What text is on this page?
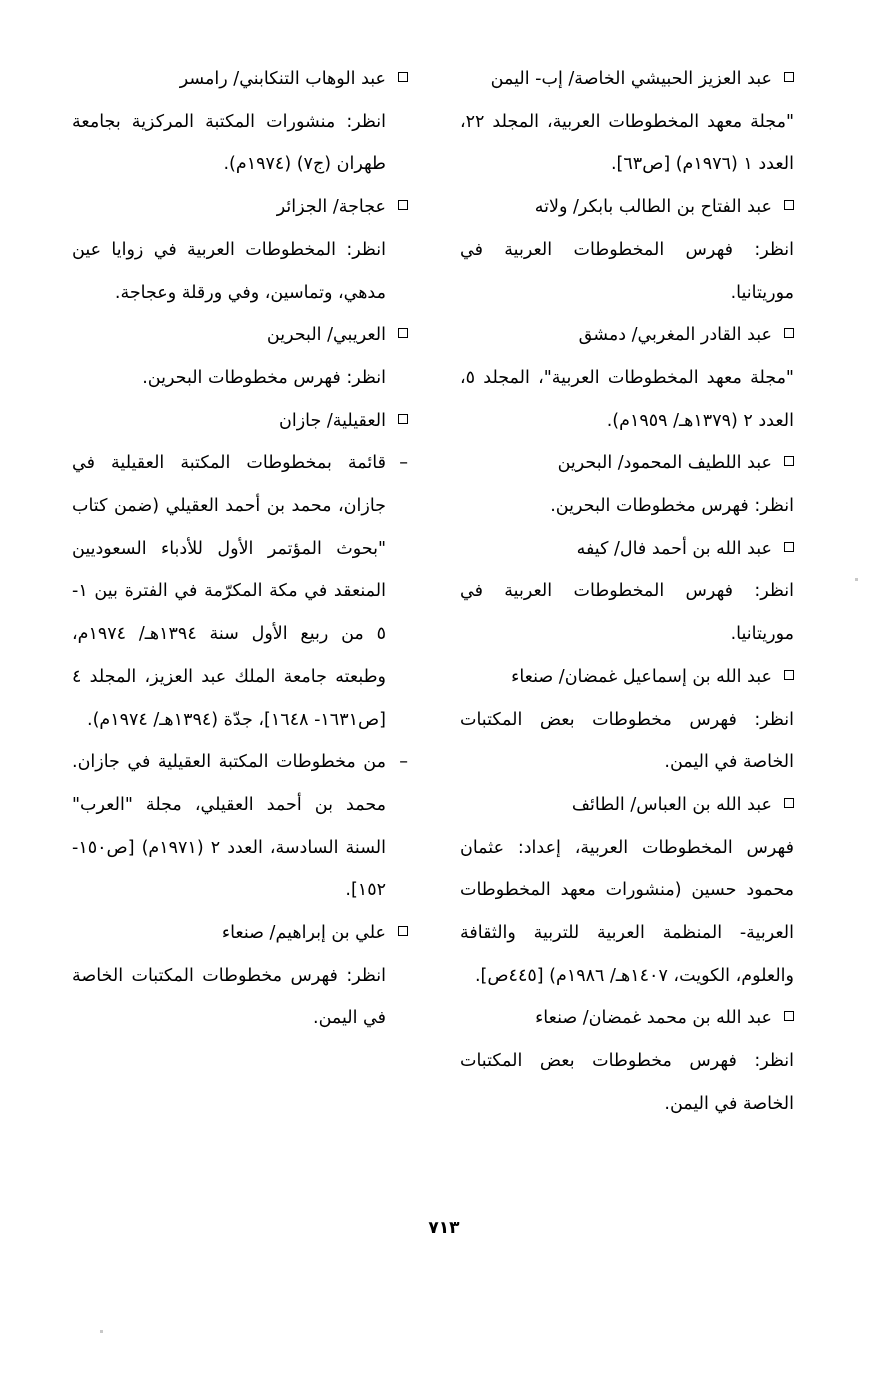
عبد العزيز الحبيشي الخاصة/ إب- اليمن
"مجلة معهد المخطوطات العربية، المجلد ٢٢، العدد ١ (١٩٧٦م) [ص٦٣].
عبد الفتاح بن الطالب بابكر/ ولاته
انظر: فهرس المخطوطات العربية في موريتانيا.
عبد القادر المغربي/ دمشق
"مجلة معهد المخطوطات العربية"، المجلد ٥، العدد ٢ (١٣٧٩هـ/ ١٩٥٩م).
عبد اللطيف المحمود/ البحرين
انظر: فهرس مخطوطات البحرين.
عبد الله بن أحمد فال/ كيفه
انظر: فهرس المخطوطات العربية في موريتانيا.
عبد الله بن إسماعيل غمضان/ صنعاء
انظر: فهرس مخطوطات بعض المكتبات الخاصة في اليمن.
عبد الله بن العباس/ الطائف
فهرس المخطوطات العربية، إعداد: عثمان محمود حسين (منشورات معهد المخطوطات العربية- المنظمة العربية للتربية والثقافة والعلوم، الكويت، ١٤٠٧هـ/ ١٩٨٦م) [٤٤٥ص].
عبد الله بن محمد غمضان/ صنعاء
انظر: فهرس مخطوطات بعض المكتبات الخاصة في اليمن.
عبد الوهاب التنكابني/ رامسر
انظر: منشورات المكتبة المركزية بجامعة طهران (ج٧) (١٩٧٤م).
عجاجة/ الجزائر
انظر: المخطوطات العربية في زوايا عين مدهي، وتماسين، وفي ورقلة وعجاجة.
العريبي/ البحرين
انظر: فهرس مخطوطات البحرين.
العقيلية/ جازان
–
قائمة بمخطوطات المكتبة العقيلية في جازان، محمد بن أحمد العقيلي (ضمن كتاب "بحوث المؤتمر الأول للأدباء السعوديين المنعقد في مكة المكرّمة في الفترة بين ١- ٥ من ربيع الأول سنة ١٣٩٤هـ/ ١٩٧٤م، وطبعته جامعة الملك عبد العزيز، المجلد ٤ [ص١٦٣١- ١٦٤٨]، جدّة (١٣٩٤هـ/ ١٩٧٤م).
–
من مخطوطات المكتبة العقيلية في جازان. محمد بن أحمد العقيلي، مجلة "العرب" السنة السادسة، العدد ٢ (١٩٧١م) [ص١٥٠- ١٥٢].
علي بن إبراهيم/ صنعاء
انظر: فهرس مخطوطات المكتبات الخاصة في اليمن.
٧١٣
